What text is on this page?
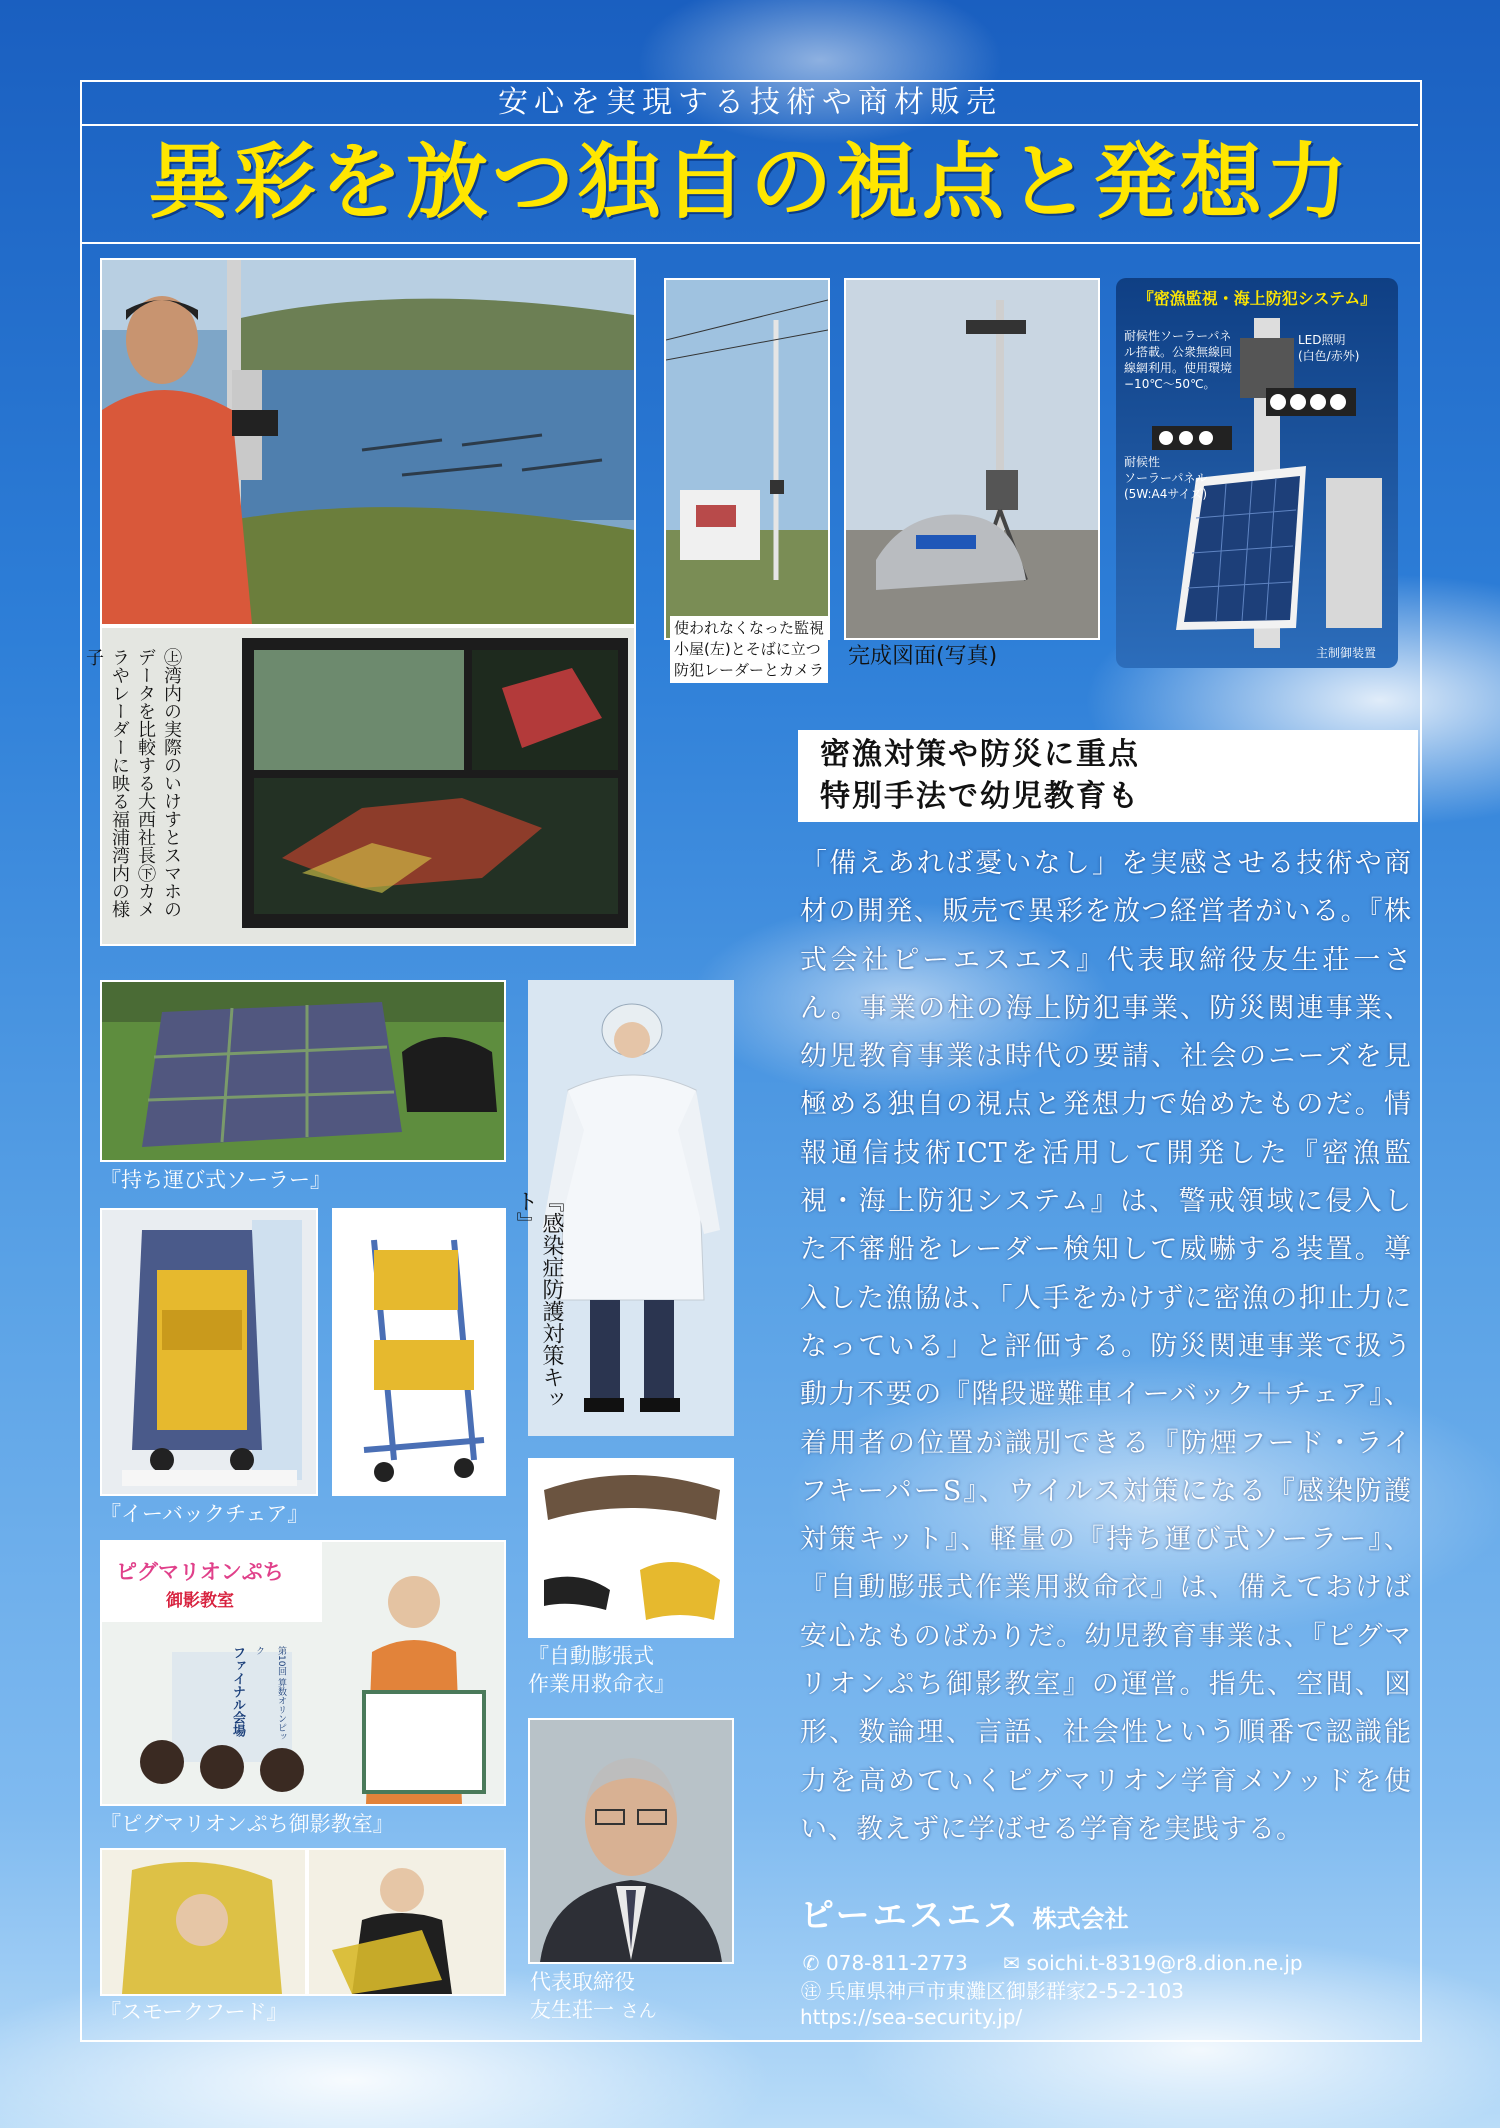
安心を実現する技術や商材販売
異彩を放つ独自の視点と発想力
㊤湾内の実際のいけすとスマホのデータを比較する大西社長㊦カメラやレーダーに映る福浦湾内の様子
使われなくなった監視
小屋(左)とそばに立つ
防犯レーダーとカメラ
完成図面(写真)
『密漁監視・海上防犯システム』
耐候性ソーラーパネ
ル搭載。公衆無線回
線網利用。使用環境
−10℃〜50℃。
LED照明
(白色/赤外)
耐候性
ソーラーパネル
(5W:A4サイズ)
主制御装置
密漁対策や防災に重点
特別手法で幼児教育も
『持ち運び式ソーラー』
『感染症防護対策キット』
『イーバックチェア』
『自動膨張式
作業用救命衣』
ピグマリオンぷち
御影教室
第10回 算数オリンピック
ファイナル会場
『ピグマリオンぷち御影教室』
代表取締役
友生荘一 さん
『スモークフード』
「備えあれば憂いなし」を実感させる技術や商材の開発、販売で異彩を放つ経営者がいる。『株式会社ピーエスエス』代表取締役友生荘一さん。事業の柱の海上防犯事業、防災関連事業、幼児教育事業は時代の要請、社会のニーズを見極める独自の視点と発想力で始めたものだ。情報通信技術ICTを活用して開発した『密漁監視・海上防犯システム』は、警戒領域に侵入した不審船をレーダー検知して威嚇する装置。導入した漁協は、「人手をかけずに密漁の抑止力になっている」と評価する。防災関連事業で扱う動力不要の『階段避難車イーバック＋チェア』、着用者の位置が識別できる『防煙フード・ライフキーパーS』、ウイルス対策になる『感染防護対策キット』、軽量の『持ち運び式ソーラー』、『自動膨張式作業用救命衣』は、備えておけば安心なものばかりだ。幼児教育事業は、『ピグマリオンぷち御影教室』の運営。指先、空間、図形、数論理、言語、社会性という順番で認識能力を高めていくピグマリオン学育メソッドを使い、教えずに学ばせる学育を実践する。
ピーエスエス 株式会社
✆ 078-811-2773 ✉ soichi.t-8319@r8.dion.ne.jp
㊟ 兵庫県神戸市東灘区御影群家2-5-2-103
https://sea-security.jp/
